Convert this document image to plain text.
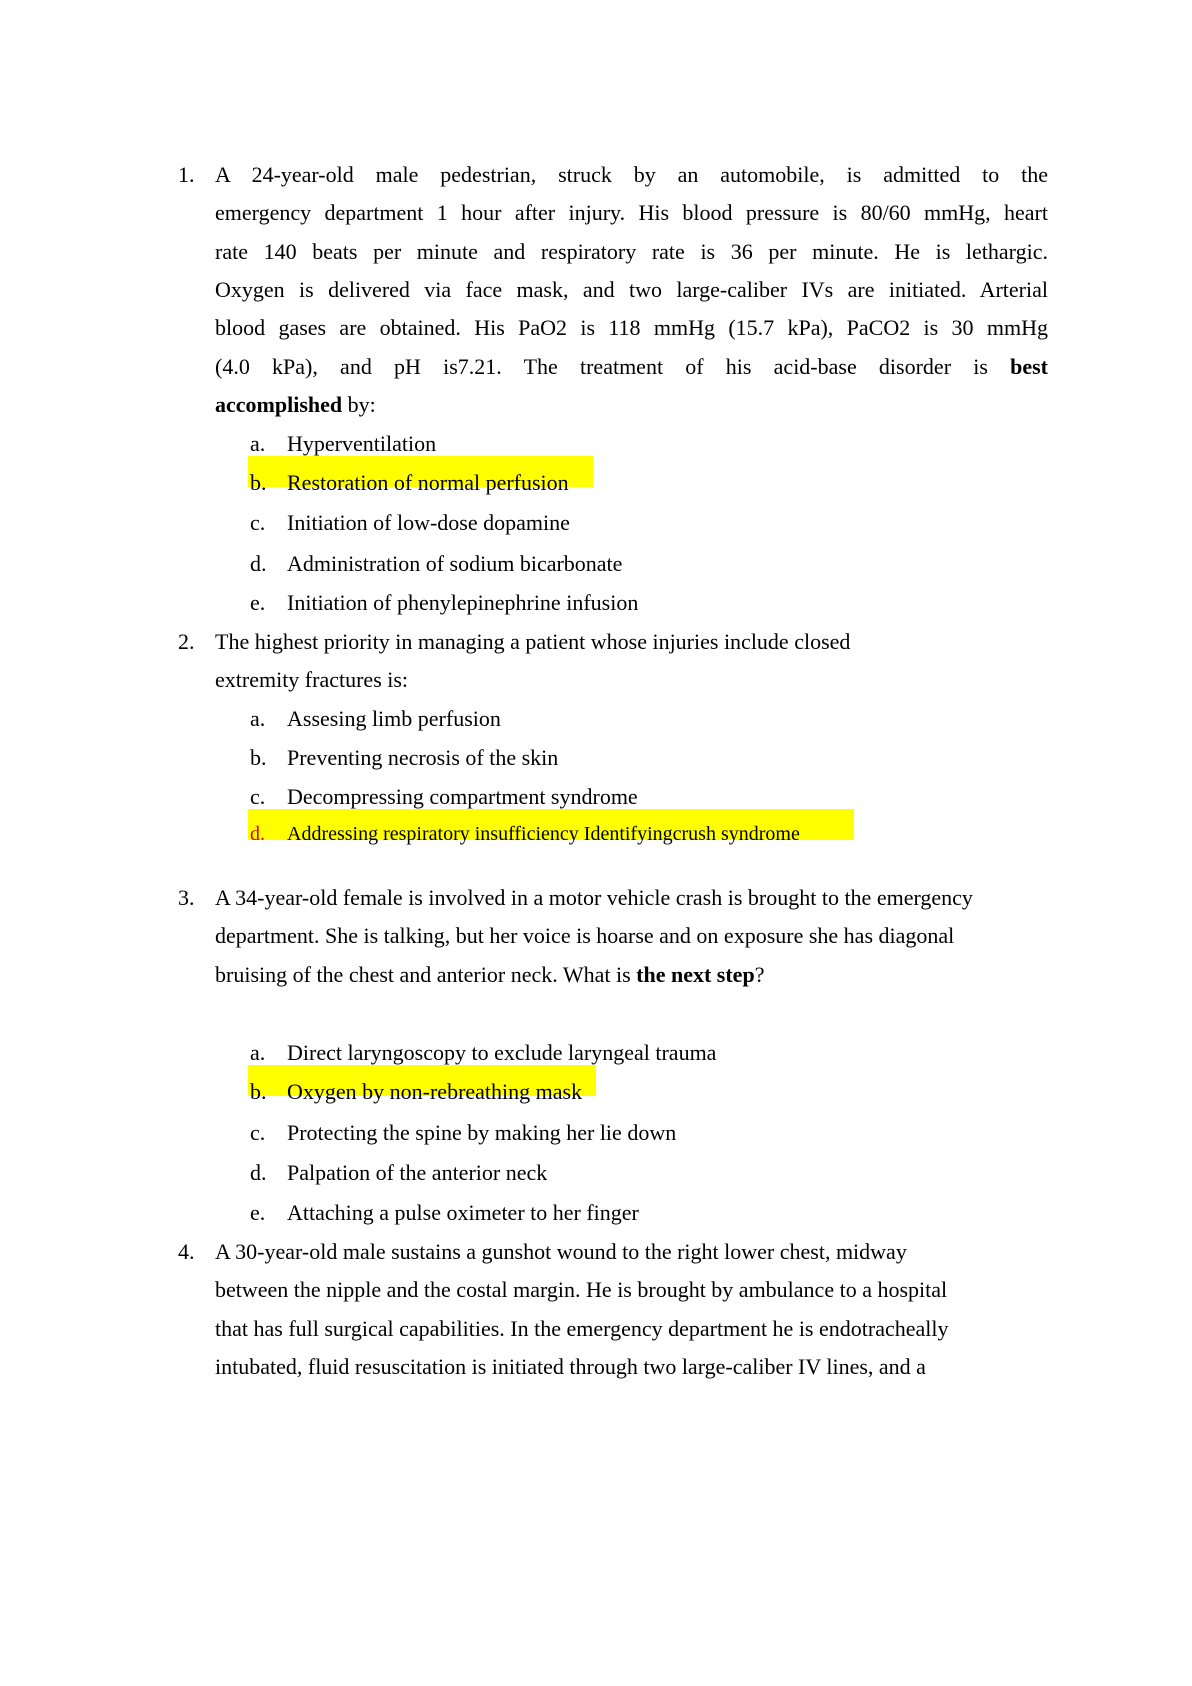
1. A 24-year-old male pedestrian, struck by an automobile, is admitted to the
emergency department 1 hour after injury. His blood pressure is 80/60 mmHg, heart
rate 140 beats per minute and respiratory rate is 36 per minute. He is lethargic.
Oxygen is delivered via face mask, and two large-caliber IVs are initiated. Arterial
blood gases are obtained. His PaO2 is 118 mmHg (15.7 kPa), PaCO2 is 30 mmHg
(4.0 kPa), and pH is7.21. The treatment of his acid-base disorder is best
accomplished by:
a. Hyperventilation
b. Restoration of normal perfusion
c. Initiation of low-dose dopamine
d. Administration of sodium bicarbonate
e. Initiation of phenylepinephrine infusion
2. The highest priority in managing a patient whose injuries include closed
extremity fractures is:
a. Assesing limb perfusion
b. Preventing necrosis of the skin
c. Decompressing compartment syndrome
d.	Addressing respiratory insufficiency Identifyingcrush syndrome
3. A 34-year-old female is involved in a motor vehicle crash is brought to the emergency
department. She is talking, but her voice is hoarse and on exposure she has diagonal
bruising of the chest and anterior neck. What is the next step?
a. Direct laryngoscopy to exclude laryngeal trauma
b. Oxygen by non-rebreathing mask
c. Protecting the spine by making her lie down
d. Palpation of the anterior neck
e. Attaching a pulse oximeter to her finger
4. A 30-year-old male sustains a gunshot wound to the right lower chest, midway
between the nipple and the costal margin. He is brought by ambulance to a hospital
that has full surgical capabilities. In the emergency department he is endotracheally
intubated, fluid resuscitation is initiated through two large-caliber IV lines, and a
